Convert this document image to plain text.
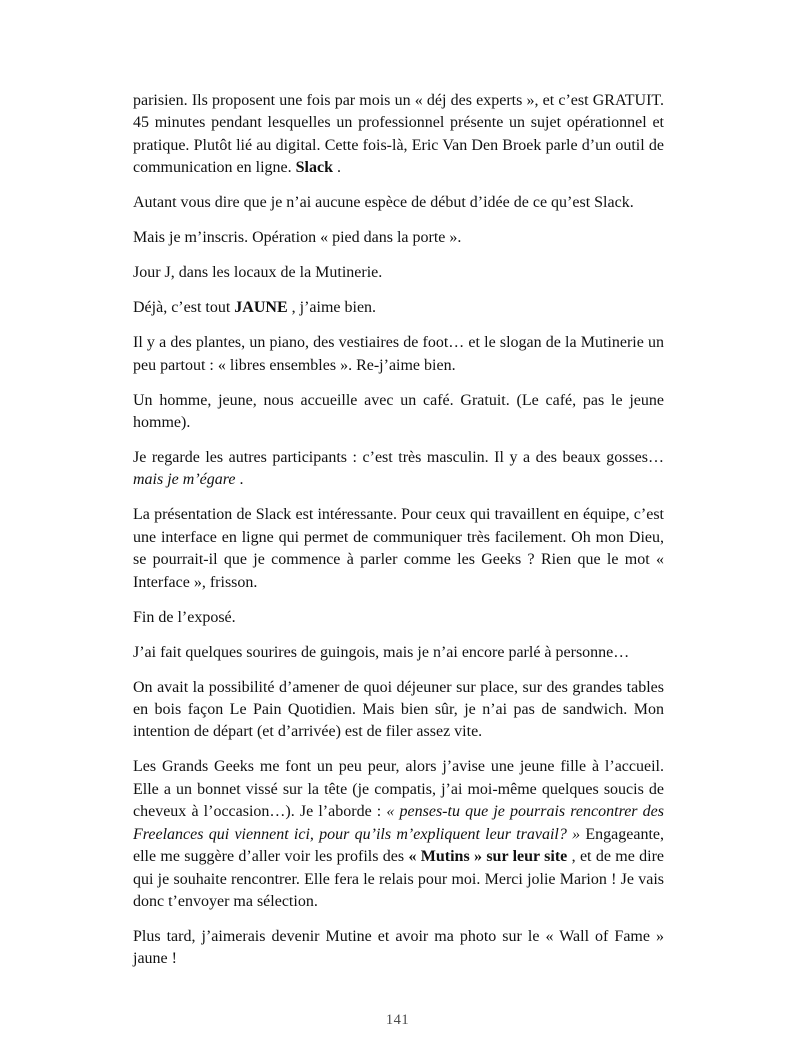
parisien. Ils proposent une fois par mois un « déj des experts », et c’est GRATUIT. 45 minutes pendant lesquelles un professionnel présente un sujet opérationnel et pratique. Plutôt lié au digital. Cette fois-là, Eric Van Den Broek parle d’un outil de communication en ligne. Slack .

Autant vous dire que je n’ai aucune espèce de début d’idée de ce qu’est Slack.

Mais je m’inscris. Opération « pied dans la porte ».

Jour J, dans les locaux de la Mutinerie.

Déjà, c’est tout JAUNE , j’aime bien.

Il y a des plantes, un piano, des vestiaires de foot… et le slogan de la Mutinerie un peu partout : « libres ensembles ». Re-j’aime bien.

Un homme, jeune, nous accueille avec un café. Gratuit. (Le café, pas le jeune homme).

Je regarde les autres participants : c’est très masculin. Il y a des beaux gosses… mais je m’égare .

La présentation de Slack est intéressante. Pour ceux qui travaillent en équipe, c’est une interface en ligne qui permet de communiquer très facilement. Oh mon Dieu, se pourrait-il que je commence à parler comme les Geeks ? Rien que le mot « Interface », frisson.

Fin de l’exposé.

J’ai fait quelques sourires de guingois, mais je n’ai encore parlé à personne…

On avait la possibilité d’amener de quoi déjeuner sur place, sur des grandes tables en bois façon Le Pain Quotidien. Mais bien sûr, je n’ai pas de sandwich. Mon intention de départ (et d’arrivée) est de filer assez vite.

Les Grands Geeks me font un peu peur, alors j’avise une jeune fille à l’accueil. Elle a un bonnet vissé sur la tête (je compatis, j’ai moi-même quelques soucis de cheveux à l’occasion…). Je l’aborde : « penses-tu que je pourrais rencontrer des Freelances qui viennent ici, pour qu’ils m’expliquent leur travail? » Engageante, elle me suggère d’aller voir les profils des « Mutins » sur leur site , et de me dire qui je souhaite rencontrer. Elle fera le relais pour moi. Merci jolie Marion ! Je vais donc t’envoyer ma sélection.

Plus tard, j’aimerais devenir Mutine et avoir ma photo sur le « Wall of Fame » jaune !

141
